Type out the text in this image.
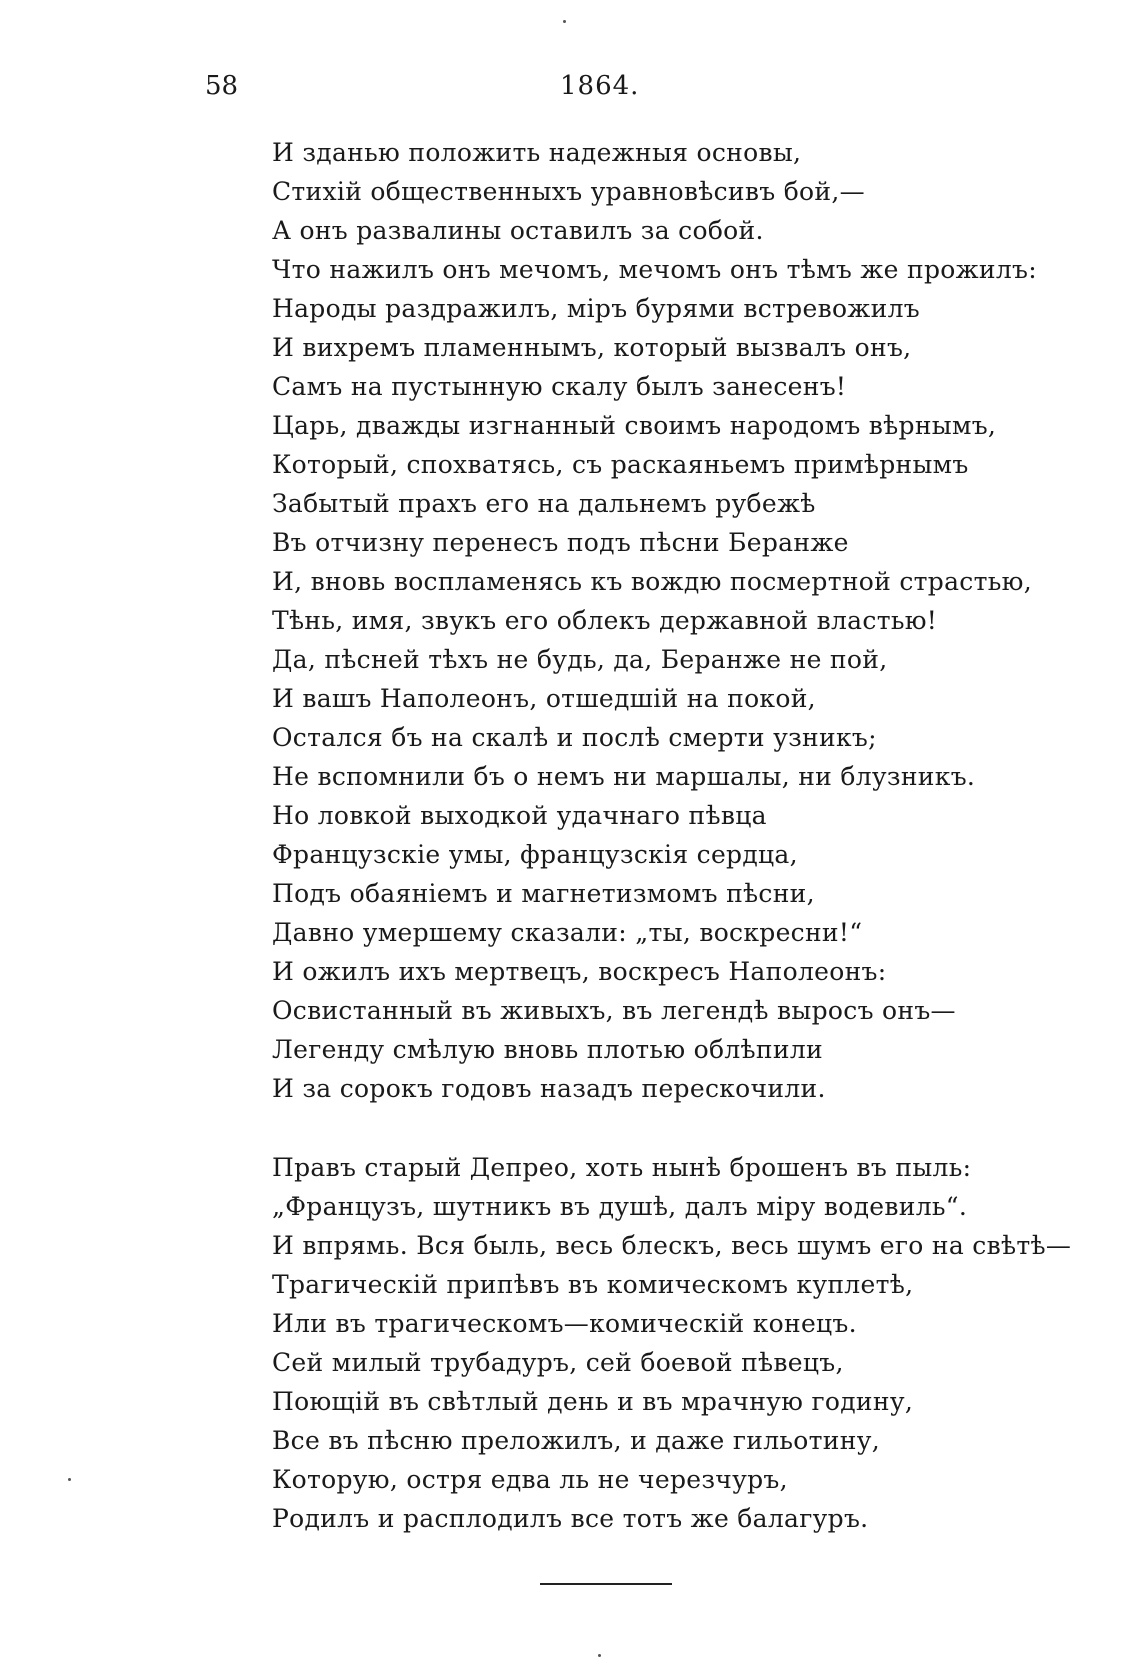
58	1864.
И зданью положить надежныя основы,
Стихій общественныхъ уравновѣсивъ бой,—
А онъ развалины оставилъ за собой.
Что нажилъ онъ мечомъ, мечомъ онъ тѣмъ же прожилъ:
Народы раздражилъ, міръ бурями встревожилъ
И вихремъ пламеннымъ, который вызвалъ онъ,
Самъ на пустынную скалу былъ занесенъ!
Царь, дважды изгнанный своимъ народомъ вѣрнымъ,
Который, спохватясь, съ раскаяньемъ примѣрнымъ
Забытый прахъ его на дальнемъ рубежѣ
Въ отчизну перенесъ подъ пѣсни Беранже
И, вновь воспламенясь къ вождю посмертной страстью,
Тѣнь, имя, звукъ его облекъ державной властью!
Да, пѣсней тѣхъ не будь, да, Беранже не пой,
И вашъ Наполеонъ, отшедшій на покой,
Остался бъ на скалѣ и послѣ смерти узникъ;
Не вспомнили бъ о немъ ни маршалы, ни блузникъ.
Но ловкой выходкой удачнаго пѣвца
Французскіе умы, французскія сердца,
Подъ обаяніемъ и магнетизмомъ пѣсни,
Давно умершему сказали: „ты, воскресни!“
И ожилъ ихъ мертвецъ, воскресъ Наполеонъ:
Освистанный въ живыхъ, въ легендѣ выросъ онъ—
Легенду смѣлую вновь плотью облѣпили
И за сорокъ годовъ назадъ перескочили.
Правъ старый Депрео, хоть нынѣ брошенъ въ пыль:
„Французъ, шутникъ въ душѣ, далъ міру водевиль“.
И впрямь. Вся быль, весь блескъ, весь шумъ его на свѣтѣ—
Трагическій припѣвъ въ комическомъ куплетѣ,
Или въ трагическомъ—комическій конецъ.
Сей милый трубадуръ, сей боевой пѣвецъ,
Поющій въ свѣтлый день и въ мрачную годину,
Все въ пѣсню преложилъ, и даже гильотину,
Которую, остря едва ль не черезчуръ,
Родилъ и расплодилъ все тотъ же балагуръ.
